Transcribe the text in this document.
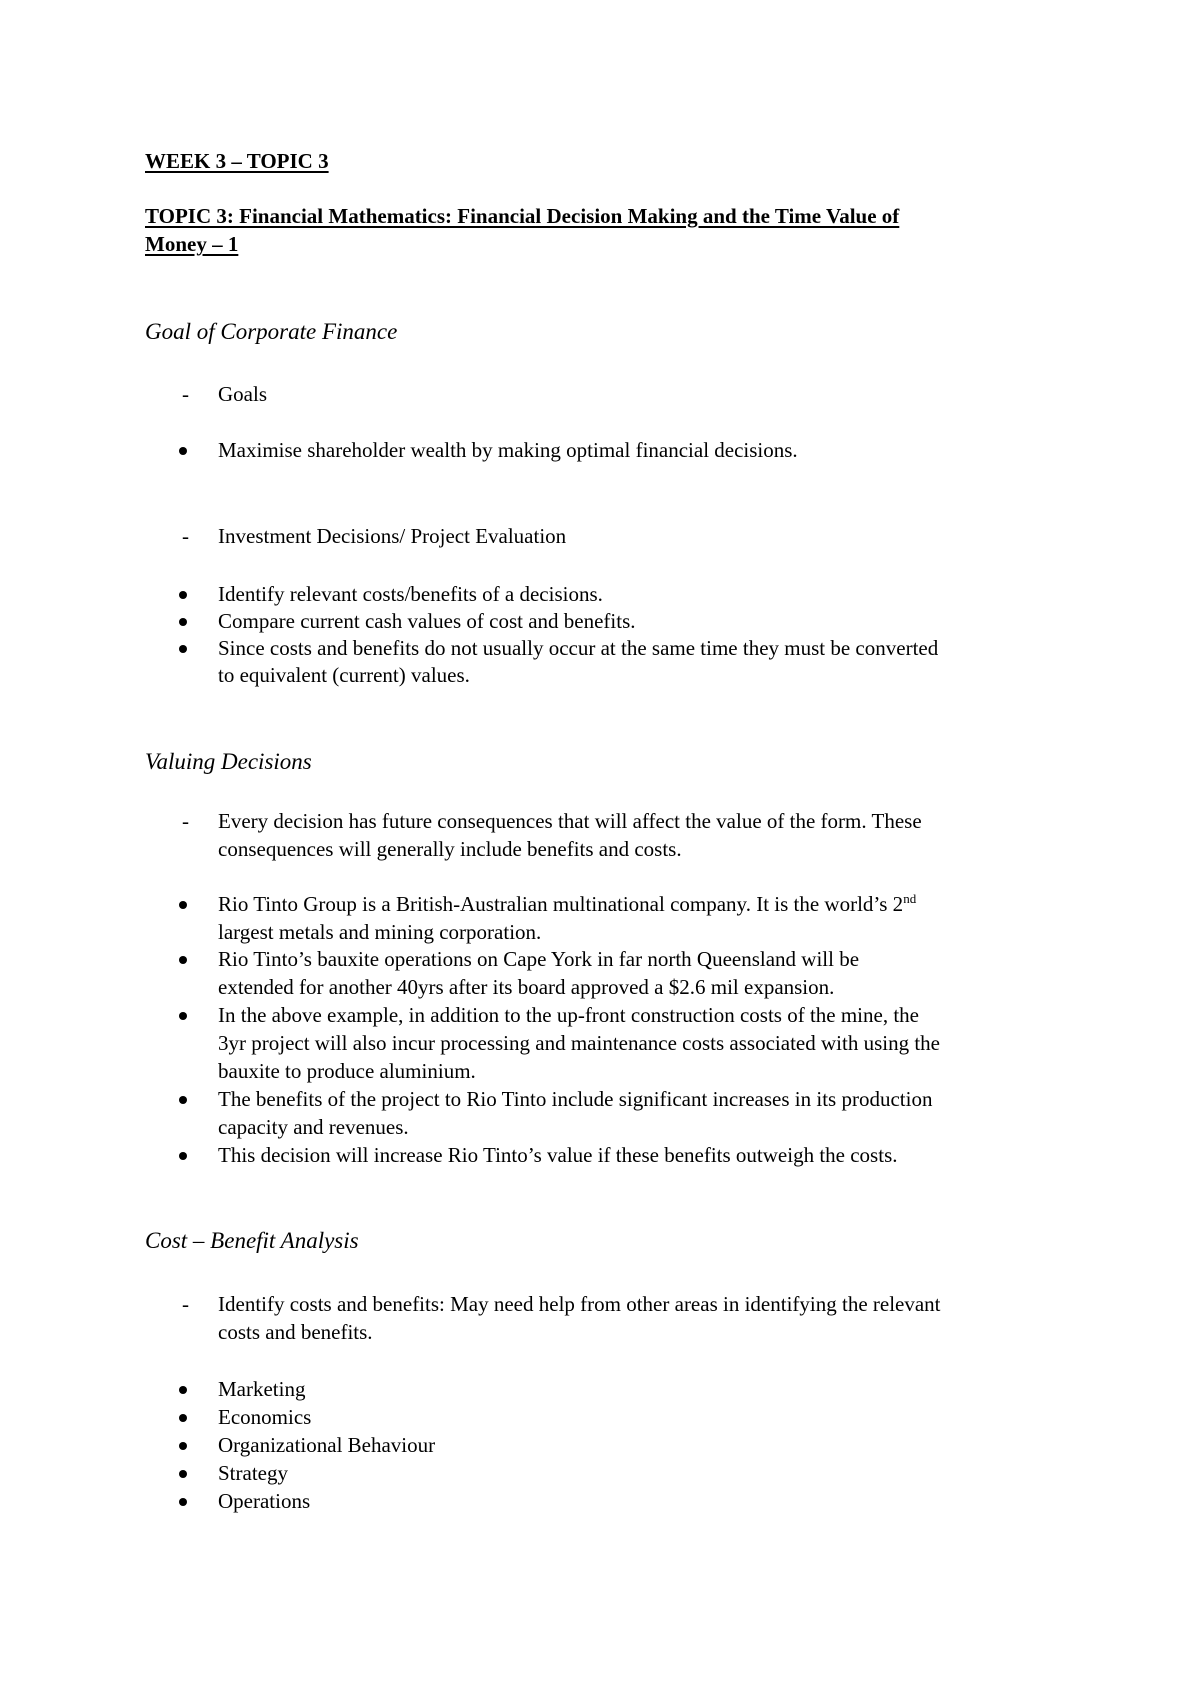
WEEK 3 – TOPIC 3
TOPIC 3: Financial Mathematics: Financial Decision Making and the Time Value of
Money – 1
Goal of Corporate Finance
- Goals
Maximise shareholder wealth by making optimal financial decisions.
- Investment Decisions/ Project Evaluation
Identify relevant costs/benefits of a decisions.
Compare current cash values of cost and benefits.
Since costs and benefits do not usually occur at the same time they must be converted
to equivalent (current) values.
Valuing Decisions
- Every decision has future consequences that will affect the value of the form. These
consequences will generally include benefits and costs.
Rio Tinto Group is a British-Australian multinational company. It is the world’s 2nd
largest metals and mining corporation.
Rio Tinto’s bauxite operations on Cape York in far north Queensland will be
extended for another 40yrs after its board approved a $2.6 mil expansion.
In the above example, in addition to the up-front construction costs of the mine, the
3yr project will also incur processing and maintenance costs associated with using the
bauxite to produce aluminium.
The benefits of the project to Rio Tinto include significant increases in its production
capacity and revenues.
This decision will increase Rio Tinto’s value if these benefits outweigh the costs.
Cost – Benefit Analysis
- Identify costs and benefits: May need help from other areas in identifying the relevant
costs and benefits.
Marketing
Economics
Organizational Behaviour
Strategy
Operations
